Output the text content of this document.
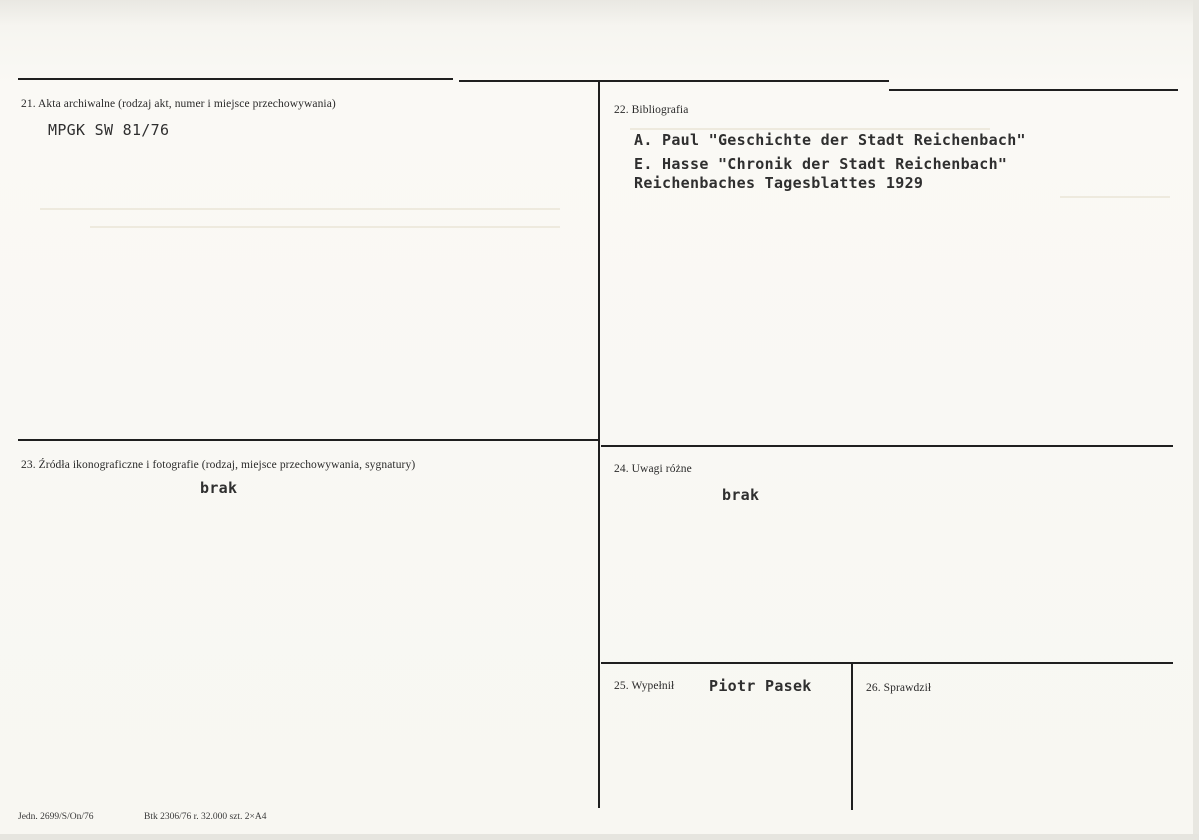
21. Akta archiwalne (rodzaj akt, numer i miejsce przechowywania)
MPGK SW 81/76
22. Bibliografia
A. Paul "Geschichte der Stadt Reichenbach"
E. Hasse "Chronik der Stadt Reichenbach"
Reichenbaches Tagesblattes 1929
23. Źródła ikonograficzne i fotografie (rodzaj, miejsce przechowywania, sygnatury)
brak
24. Uwagi różne
brak
25. Wypełnił Piotr Pasek	26. Sprawdził
Jedn. 2699/S/On/76	Btk 2306/76 r. 32.000 szt. 2×A4
